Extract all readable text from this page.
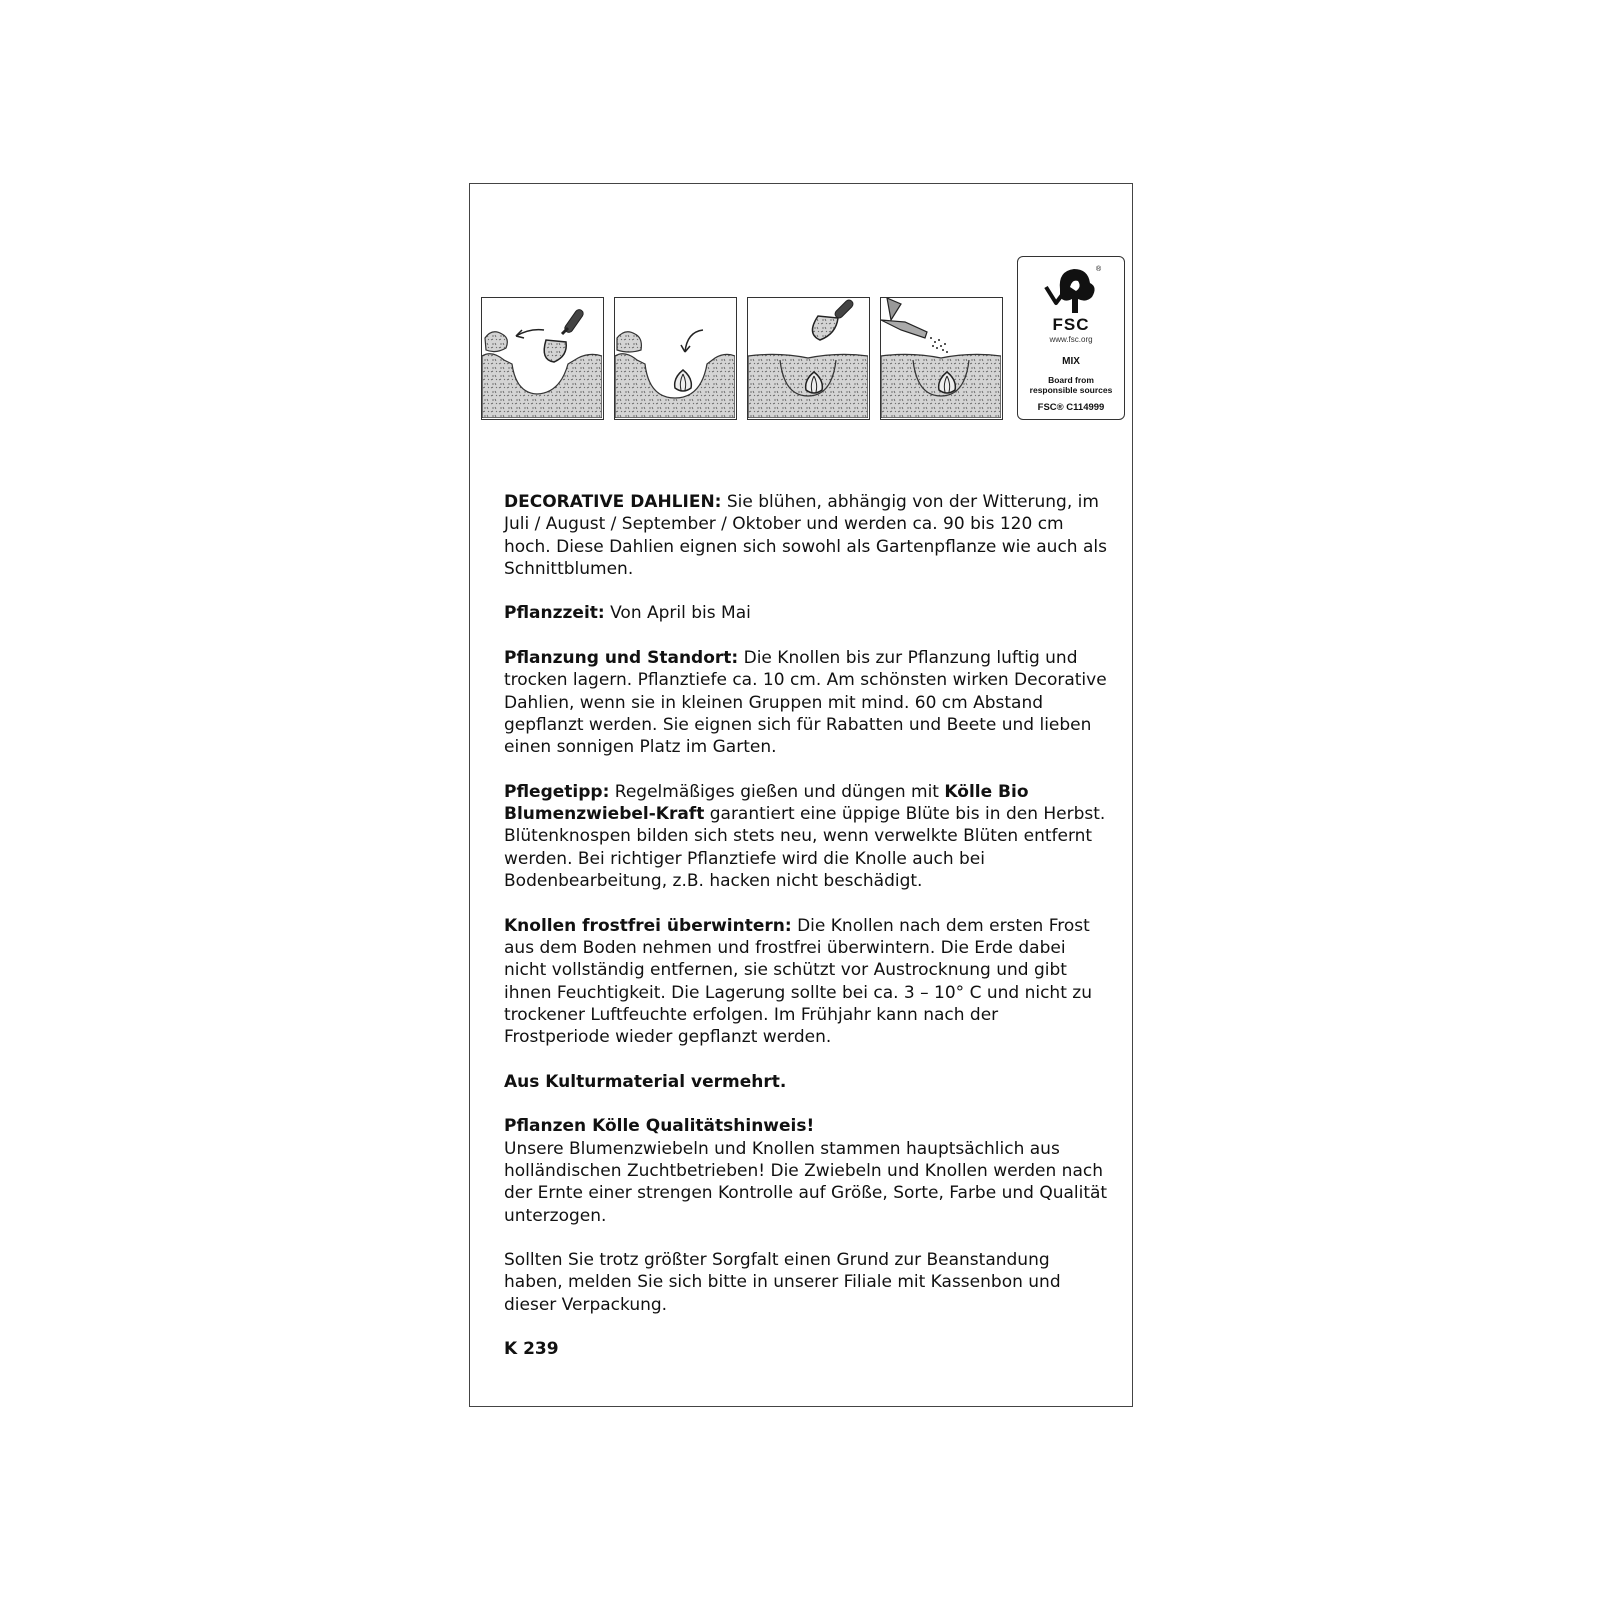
®
FSC
www.fsc.org
MIX
Board from
responsible sources
FSC® C114999

DECORATIVE DAHLIEN: Sie blühen, abhängig von der Witterung, im Juli / August / September / Oktober und werden ca. 90 bis 120 cm hoch. Diese Dahlien eignen sich sowohl als Gartenpflanze wie auch als Schnittblumen.

Pflanzzeit: Von April bis Mai

Pflanzung und Standort: Die Knollen bis zur Pflanzung luftig und trocken lagern. Pflanztiefe ca. 10 cm. Am schönsten wirken Decorative Dahlien, wenn sie in kleinen Gruppen mit mind. 60 cm Abstand gepflanzt werden. Sie eignen sich für Rabatten und Beete und lieben einen sonnigen Platz im Garten.

Pflegetipp: Regelmäßiges gießen und düngen mit Kölle Bio Blumenzwiebel-Kraft garantiert eine üppige Blüte bis in den Herbst. Blütenknospen bilden sich stets neu, wenn verwelkte Blüten entfernt werden. Bei richtiger Pflanztiefe wird die Knolle auch bei Bodenbearbeitung, z.B. hacken nicht beschädigt.

Knollen frostfrei überwintern: Die Knollen nach dem ersten Frost aus dem Boden nehmen und frostfrei überwintern. Die Erde dabei nicht vollständig entfernen, sie schützt vor Austrocknung und gibt ihnen Feuchtigkeit. Die Lagerung sollte bei ca. 3 – 10° C und nicht zu trockener Luftfeuchte erfolgen. Im Frühjahr kann nach der Frostperiode wieder gepflanzt werden.

Aus Kulturmaterial vermehrt.

Pflanzen Kölle Qualitätshinweis!
Unsere Blumenzwiebeln und Knollen stammen hauptsächlich aus holländischen Zuchtbetrieben! Die Zwiebeln und Knollen werden nach der Ernte einer strengen Kontrolle auf Größe, Sorte, Farbe und Qualität unterzogen.

Sollten Sie trotz größter Sorgfalt einen Grund zur Beanstandung haben, melden Sie sich bitte in unserer Filiale mit Kassenbon und dieser Verpackung.

K 239
